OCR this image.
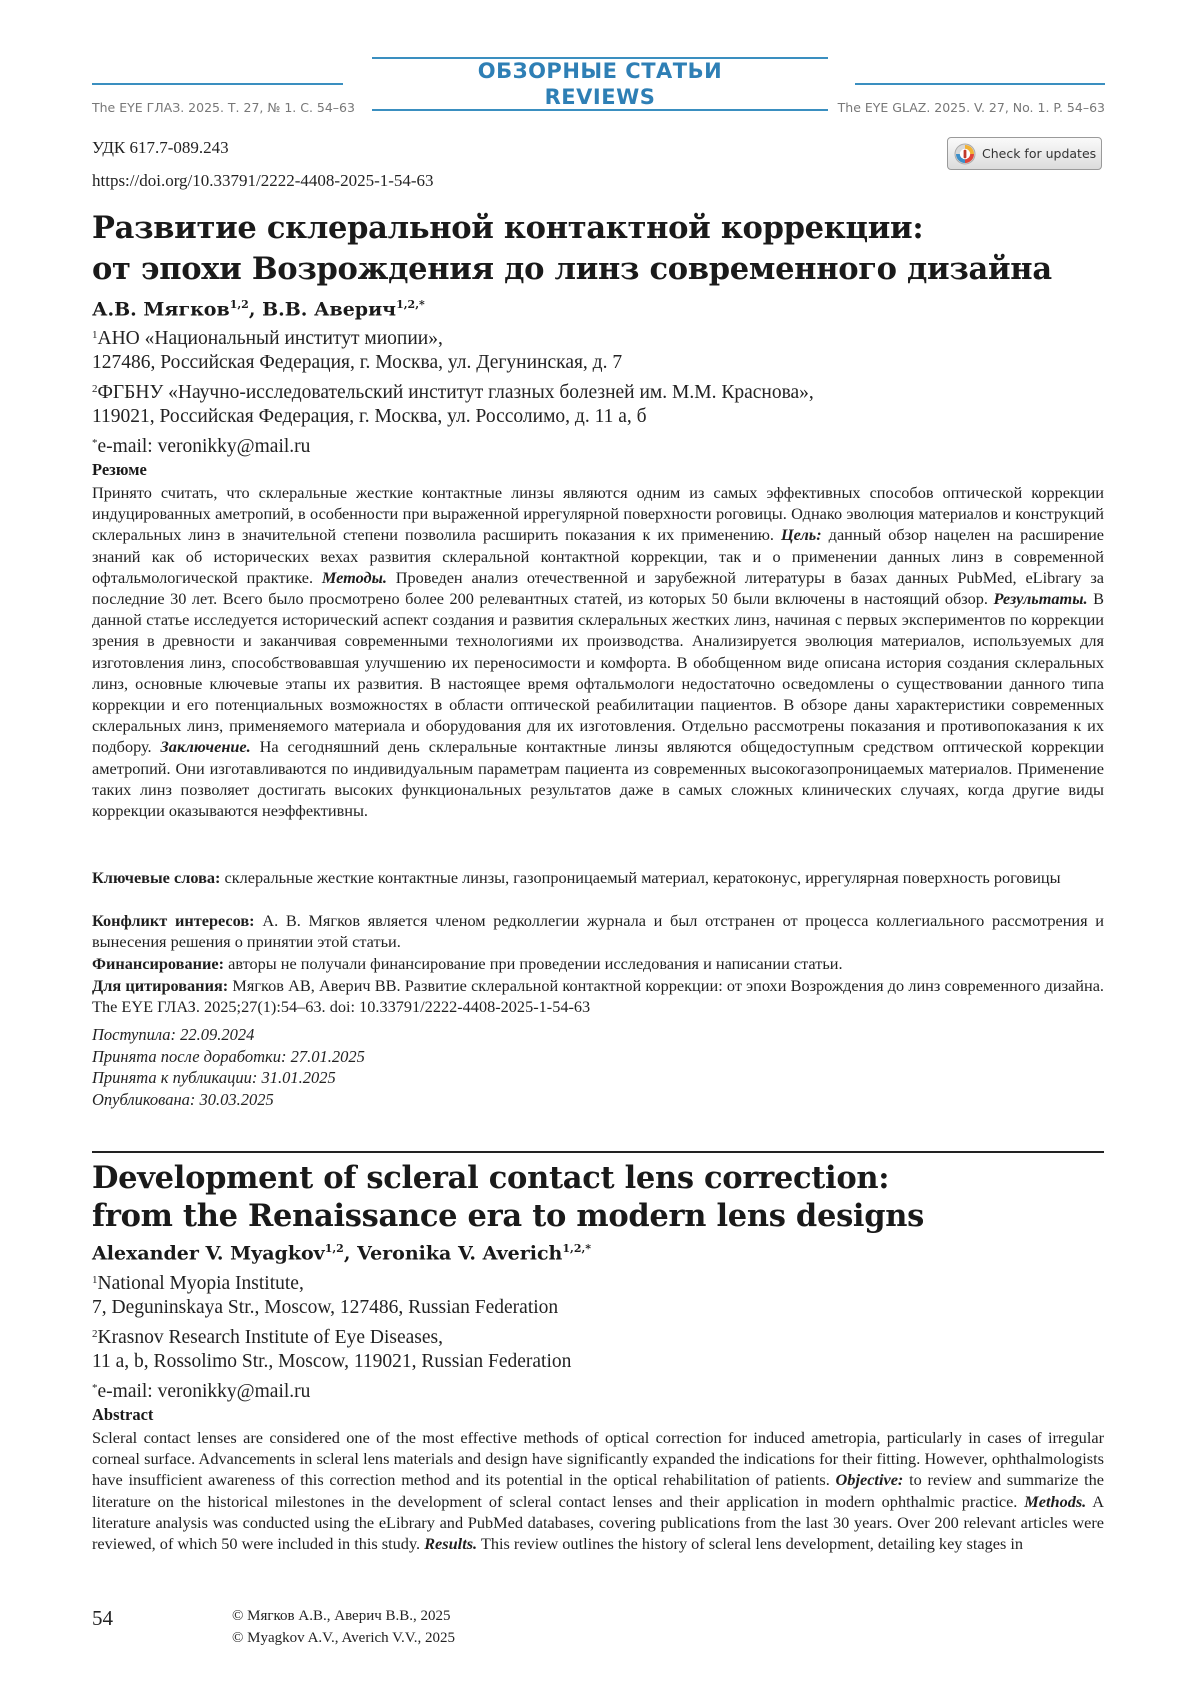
ОБЗОРНЫЕ СТАТЬИ
REVIEWS
The EYE ГЛАЗ. 2025. Т. 27, № 1. С. 54–63	The EYE GLAZ. 2025. V. 27, No. 1. P. 54–63
УДК 617.7-089.243
https://doi.org/10.33791/2222-4408-2025-1-54-63
Check for updates
Развитие склеральной контактной коррекции:
от эпохи Возрождения до линз современного дизайна
А.В. Мягков$^{1,2}$, В.В. Аверич$^{1,2,*}$
$^1$АНО «Национальный институт миопии»,
127486, Российская Федерация, г. Москва, ул. Дегунинская, д. 7
$^2$ФГБНУ «Научно-исследовательский институт глазных болезней им. М.М. Краснова»,
119021, Российская Федерация, г. Москва, ул. Россолимо, д. 11 а, б
*e-mail: veronikky@mail.ru
Резюме
Принято считать, что склеральные жесткие контактные линзы являются одним из самых эффективных способов оптической коррекции индуцированных аметропий, в особенности при выраженной иррегулярной поверхности роговицы. Однако эволюция материалов и конструкций склеральных линз в значительной степени позволила расширить показания к их применению. Цель: данный обзор нацелен на расширение знаний как об исторических вехах развития склеральной контактной коррекции, так и о применении данных линз в современной офтальмологической практике. Методы. Проведен анализ отечественной и зарубежной литературы в базах данных PubMed, eLibrary за последние 30 лет. Всего было просмотрено более 200 релевантных статей, из которых 50 были включены в настоящий обзор. Результаты. В данной статье исследуется исторический аспект создания и развития склеральных жестких линз, начиная с первых экспериментов по коррекции зрения в древности и заканчивая современными технологиями их производства. Анализируется эволюция материалов, используемых для изготовления линз, способствовавшая улучшению их переносимости и комфорта. В обобщенном виде описана история создания склеральных линз, основные ключевые этапы их развития. В настоящее время офтальмологи недостаточно осведомлены о существовании данного типа коррекции и его потенциальных возможностях в области оптической реабилитации пациентов. В обзоре даны характеристики современных склеральных линз, применяемого материала и оборудования для их изготовления. Отдельно рассмотрены показания и противопоказания к их подбору. Заключение. На сегодняшний день склеральные контактные линзы являются общедоступным средством оптической коррекции аметропий. Они изготавливаются по индивидуальным параметрам пациента из современных высокогазопроницаемых материалов. Применение таких линз позволяет достигать высоких функциональных результатов даже в самых сложных клинических случаях, когда другие виды коррекции оказываются неэффективны.
Ключевые слова: склеральные жесткие контактные линзы, газопроницаемый материал, кератоконус, иррегулярная поверхность роговицы
Конфликт интересов: А. В. Мягков является членом редколлегии журнала и был отстранен от процесса коллегиального рассмотрения и вынесения решения о принятии этой статьи.
Финансирование: авторы не получали финансирование при проведении исследования и написании статьи.
Для цитирования: Мягков АВ, Аверич ВВ. Развитие склеральной контактной коррекции: от эпохи Возрождения до линз современного дизайна. The EYE ГЛАЗ. 2025;27(1):54–63. doi: 10.33791/2222-4408-2025-1-54-63
Поступила: 22.09.2024
Принята после доработки: 27.01.2025
Принята к публикации: 31.01.2025
Опубликована: 30.03.2025
Development of scleral contact lens correction:
from the Renaissance era to modern lens designs
Alexander V. Myagkov$^{1,2}$, Veronika V. Averich$^{1,2,*}$
$^1$National Myopia Institute,
7, Deguninskaya Str., Moscow, 127486, Russian Federation
$^2$Krasnov Research Institute of Eye Diseases,
11 a, b, Rossolimo Str., Moscow, 119021, Russian Federation
*e-mail: veronikky@mail.ru
Abstract
Scleral contact lenses are considered one of the most effective methods of optical correction for induced ametropia, particularly in cases of irregular corneal surface. Advancements in scleral lens materials and design have significantly expanded the indications for their fitting. However, ophthalmologists have insufficient awareness of this correction method and its potential in the optical rehabilitation of patients. Objective: to review and summarize the literature on the historical milestones in the development of scleral contact lenses and their application in modern ophthalmic practice. Methods. A literature analysis was conducted using the eLibrary and PubMed databases, covering publications from the last 30 years. Over 200 relevant articles were reviewed, of which 50 were included in this study. Results. This review outlines the history of scleral lens development, detailing key stages in
54	© Мягков А.В., Аверич В.В., 2025
© Myagkov A.V., Averich V.V., 2025
